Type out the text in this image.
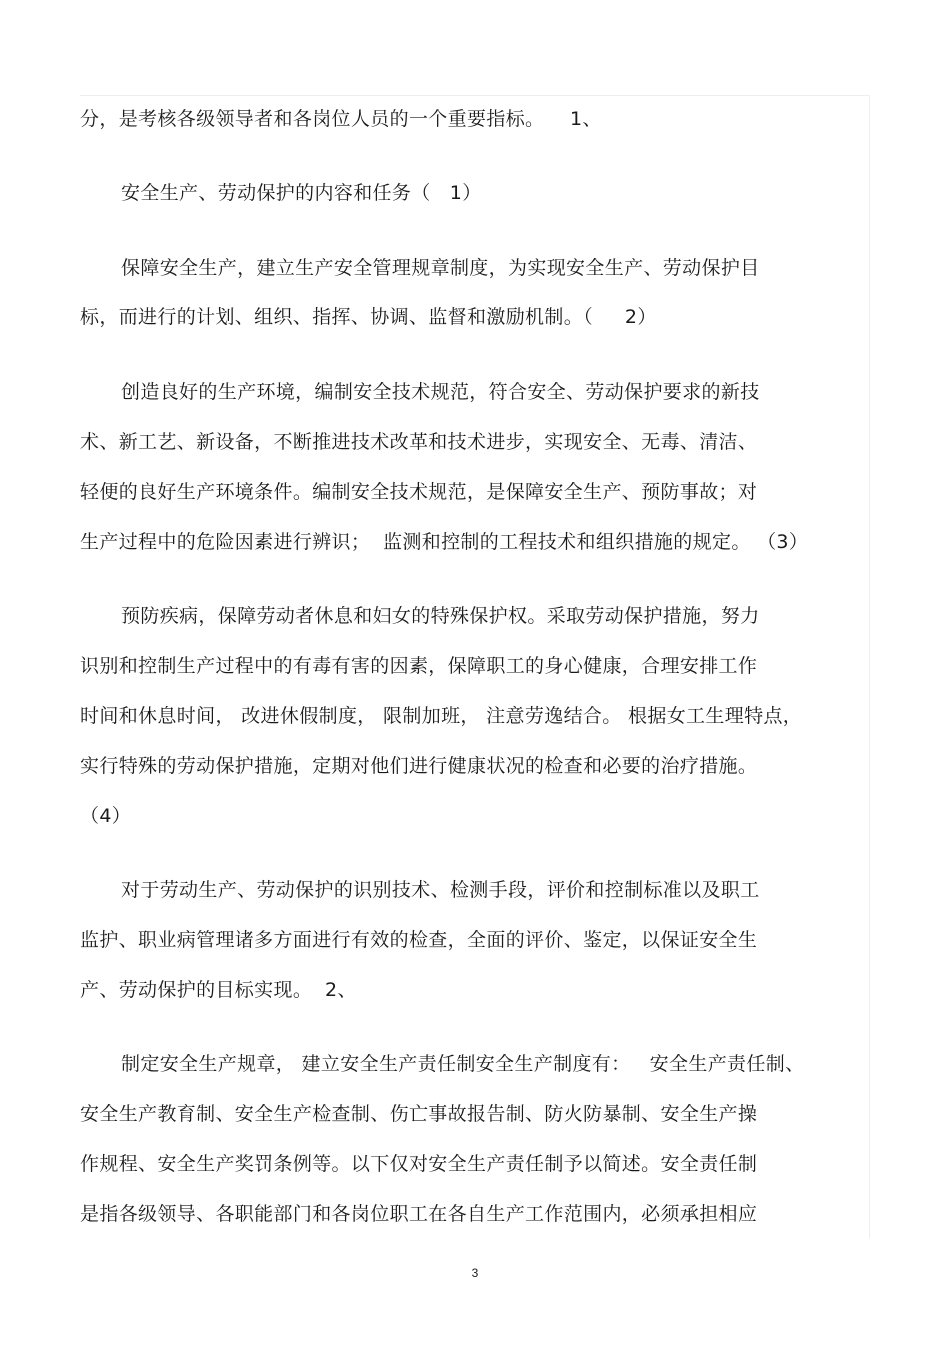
分，是考核各级领导者和各岗位人员的一个重要指标。    1、
安全生产、劳动保护的内容和任务（   1）
保障安全生产，建立生产安全管理规章制度，为实现安全生产、劳动保护目
标，而进行的计划、组织、指挥、协调、监督和激励机制。（     2）
创造良好的生产环境，编制安全技术规范，符合安全、劳动保护要求的新技
术、新工艺、新设备，不断推进技术改革和技术进步，实现安全、无毒、清洁、
轻便的良好生产环境条件。编制安全技术规范，是保障安全生产、预防事故；对
生产过程中的危险因素进行辨识；  监测和控制的工程技术和组织措施的规定。 （3）
预防疾病，保障劳动者休息和妇女的特殊保护权。采取劳动保护措施，努力
识别和控制生产过程中的有毒有害的因素，保障职工的身心健康，合理安排工作
时间和休息时间， 改进休假制度， 限制加班， 注意劳逸结合。 根据女工生理特点，
实行特殊的劳动保护措施，定期对他们进行健康状况的检查和必要的治疗措施。
（4）
对于劳动生产、劳动保护的识别技术、检测手段，评价和控制标准以及职工
监护、职业病管理诸多方面进行有效的检查，全面的评价、鉴定，以保证安全生
产、劳动保护的目标实现。  2、
制定安全生产规章， 建立安全生产责任制安全生产制度有：   安全生产责任制、
安全生产教育制、安全生产检查制、伤亡事故报告制、防火防暴制、安全生产操
作规程、安全生产奖罚条例等。以下仅对安全生产责任制予以简述。安全责任制
是指各级领导、各职能部门和各岗位职工在各自生产工作范围内，必须承担相应
3
